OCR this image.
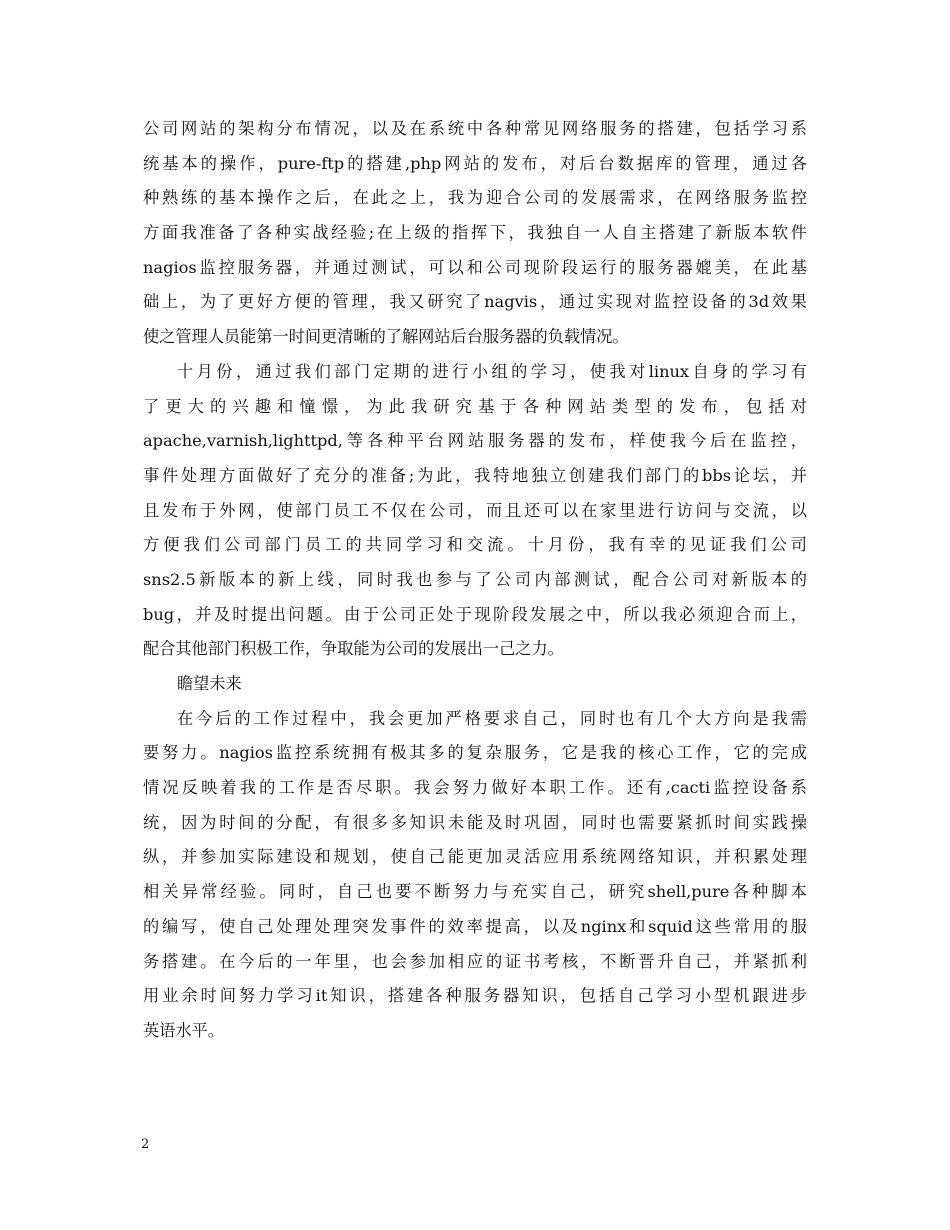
公司网站的架构分布情况，以及在系统中各种常见网络服务的搭建，包括学习系
统基本的操作，pure-ftp的搭建,php网站的发布，对后台数据库的管理，通过各
种熟练的基本操作之后，在此之上，我为迎合公司的发展需求，在网络服务监控
方面我准备了各种实战经验;在上级的指挥下，我独自一人自主搭建了新版本软件
nagios监控服务器，并通过测试，可以和公司现阶段运行的服务器媲美，在此基
础上，为了更好方便的管理，我又研究了nagvis，通过实现对监控设备的3d效果
使之管理人员能第一时间更清晰的了解网站后台服务器的负载情况。
十月份，通过我们部门定期的进行小组的学习，使我对linux自身的学习有
了更大的兴趣和憧憬，为此我研究基于各种网站类型的发布，包括对
apache,varnish,lighttpd,等各种平台网站服务器的发布，样使我今后在监控，
事件处理方面做好了充分的准备;为此，我特地独立创建我们部门的bbs论坛，并
且发布于外网，使部门员工不仅在公司，而且还可以在家里进行访问与交流，以
方便我们公司部门员工的共同学习和交流。十月份，我有幸的见证我们公司
sns2.5新版本的新上线，同时我也参与了公司内部测试，配合公司对新版本的
bug，并及时提出问题。由于公司正处于现阶段发展之中，所以我必须迎合而上，
配合其他部门积极工作，争取能为公司的发展出一己之力。
瞻望未来
在今后的工作过程中，我会更加严格要求自己，同时也有几个大方向是我需
要努力。nagios监控系统拥有极其多的复杂服务，它是我的核心工作，它的完成
情况反映着我的工作是否尽职。我会努力做好本职工作。还有,cacti监控设备系
统，因为时间的分配，有很多多知识未能及时巩固，同时也需要紧抓时间实践操
纵，并参加实际建设和规划，使自己能更加灵活应用系统网络知识，并积累处理
相关异常经验。同时，自己也要不断努力与充实自己，研究shell,pure各种脚本
的编写，使自己处理处理突发事件的效率提高，以及nginx和squid这些常用的服
务搭建。在今后的一年里，也会参加相应的证书考核，不断晋升自己，并紧抓利
用业余时间努力学习it知识，搭建各种服务器知识，包括自己学习小型机跟进步
英语水平。
2
